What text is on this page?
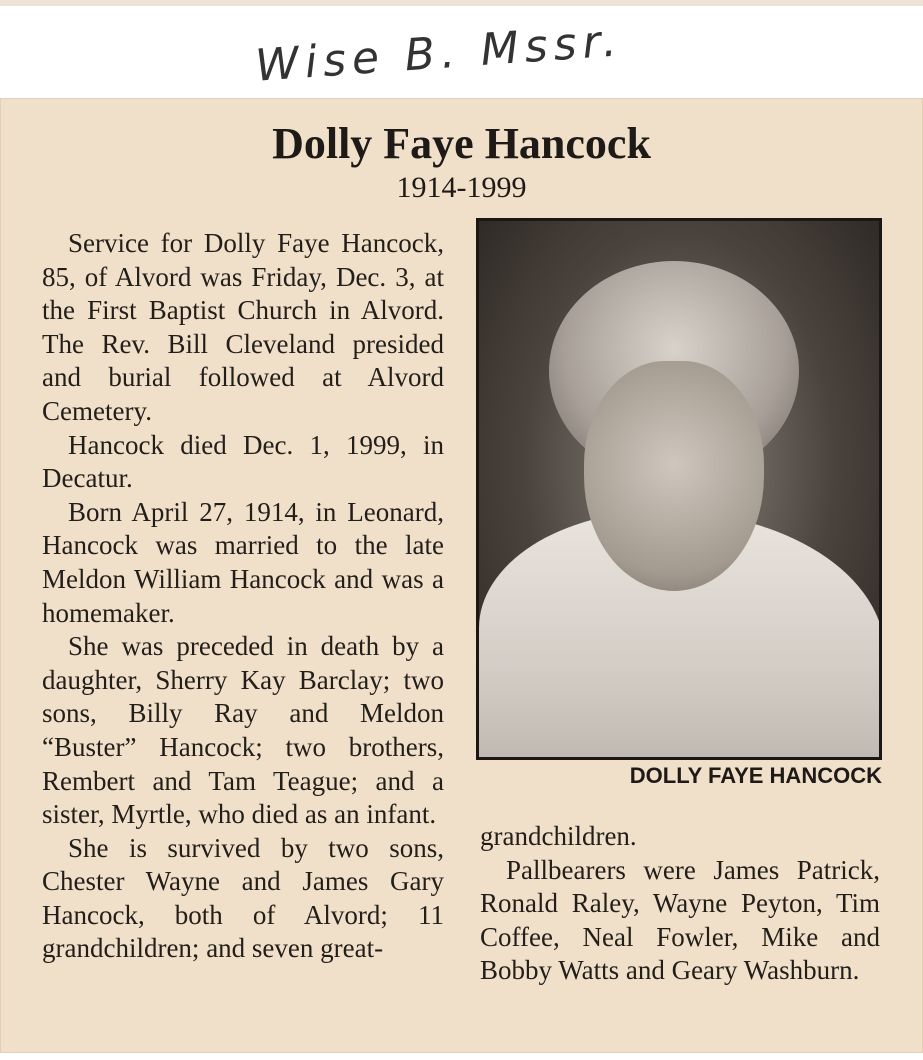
Wise B. Mssr.
Dolly Faye Hancock
1914-1999

Service for Dolly Faye Hancock, 85, of Alvord was Friday, Dec. 3, at the First Baptist Church in Alvord. The Rev. Bill Cleveland presided and burial followed at Alvord Cemetery.

Hancock died Dec. 1, 1999, in Decatur.

Born April 27, 1914, in Leonard, Hancock was married to the late Meldon William Hancock and was a homemaker.

She was preceded in death by a daughter, Sherry Kay Barclay; two sons, Billy Ray and Meldon “Buster” Hancock; two brothers, Rembert and Tam Teague; and a sister, Myrtle, who died as an infant.

She is survived by two sons, Chester Wayne and James Gary Hancock, both of Alvord; 11 grandchildren; and seven great-

DOLLY FAYE HANCOCK

grandchildren.

Pallbearers were James Patrick, Ronald Raley, Wayne Peyton, Tim Coffee, Neal Fowler, Mike and Bobby Watts and Geary Washburn.
